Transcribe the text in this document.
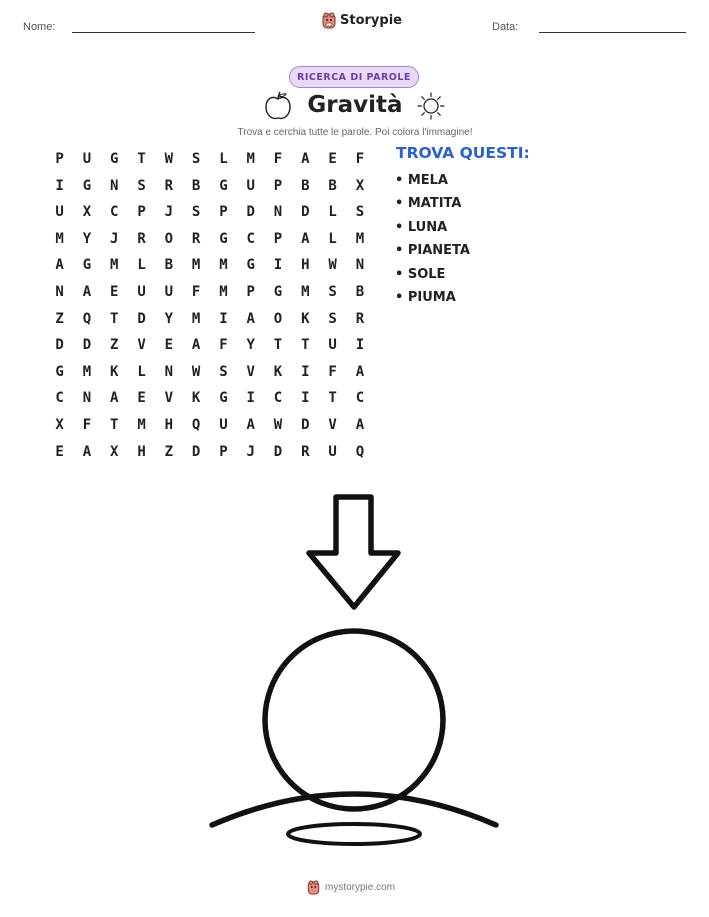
Nome:	Storypie	Data:
RICERCA DI PAROLE
Gravità
Trova e cerchia tutte le parole. Poi colora l'immagine!
P	U	G	T	W	S	L	M	F	A	E	F
I	G	N	S	R	B	G	U	P	B	B	X
U	X	C	P	J	S	P	D	N	D	L	S
M	Y	J	R	O	R	G	C	P	A	L	M
A	G	M	L	B	M	M	G	I	H	W	N
N	A	E	U	U	F	M	P	G	M	S	B
Z	Q	T	D	Y	M	I	A	O	K	S	R
D	D	Z	V	E	A	F	Y	T	T	U	I
G	M	K	L	N	W	S	V	K	I	F	A
C	N	A	E	V	K	G	I	C	I	T	C
X	F	T	M	H	Q	U	A	W	D	V	A
E	A	X	H	Z	D	P	J	D	R	U	Q
TROVA QUESTI:
• MELA
• MATITA
• LUNA
• PIANETA
• SOLE
• PIUMA
mystorypie.com
